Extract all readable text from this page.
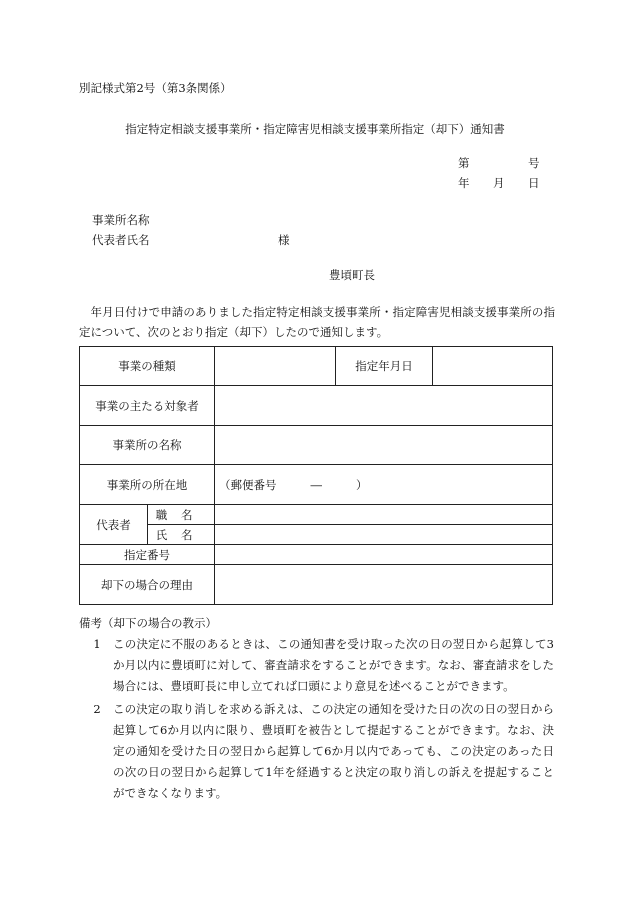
別記様式第2号（第3条関係）
指定特定相談支援事業所・指定障害児相談支援事業所指定（却下）通知書
第	号
年 月 日
事業所名称
代表者氏名	様
豊頃町長
年月日付けで申請のありました指定特定相談支援事業所・指定障害児相談支援事業所の指定について、次のとおり指定（却下）したので通知します。
事業の種類			指定年月日	
事業の主たる対象者				
事業所の名称				
事業所の所在地		（郵便番号 ― ）		
代表者	職名			
	氏名			
指定番号				
却下の場合の理由				
備考（却下の場合の教示）
1	この決定に不服のあるときは、この通知書を受け取った次の日の翌日から起算して3か月以内に豊頃町に対して、審査請求をすることができます。なお、審査請求をした場合には、豊頃町長に申し立てれば口頭により意見を述べることができます。
2	この決定の取り消しを求める訴えは、この決定の通知を受けた日の次の日の翌日から起算して6か月以内に限り、豊頃町を被告として提起することができます。なお、決定の通知を受けた日の翌日から起算して6か月以内であっても、この決定のあった日の次の日の翌日から起算して1年を経過すると決定の取り消しの訴えを提起することができなくなります。
